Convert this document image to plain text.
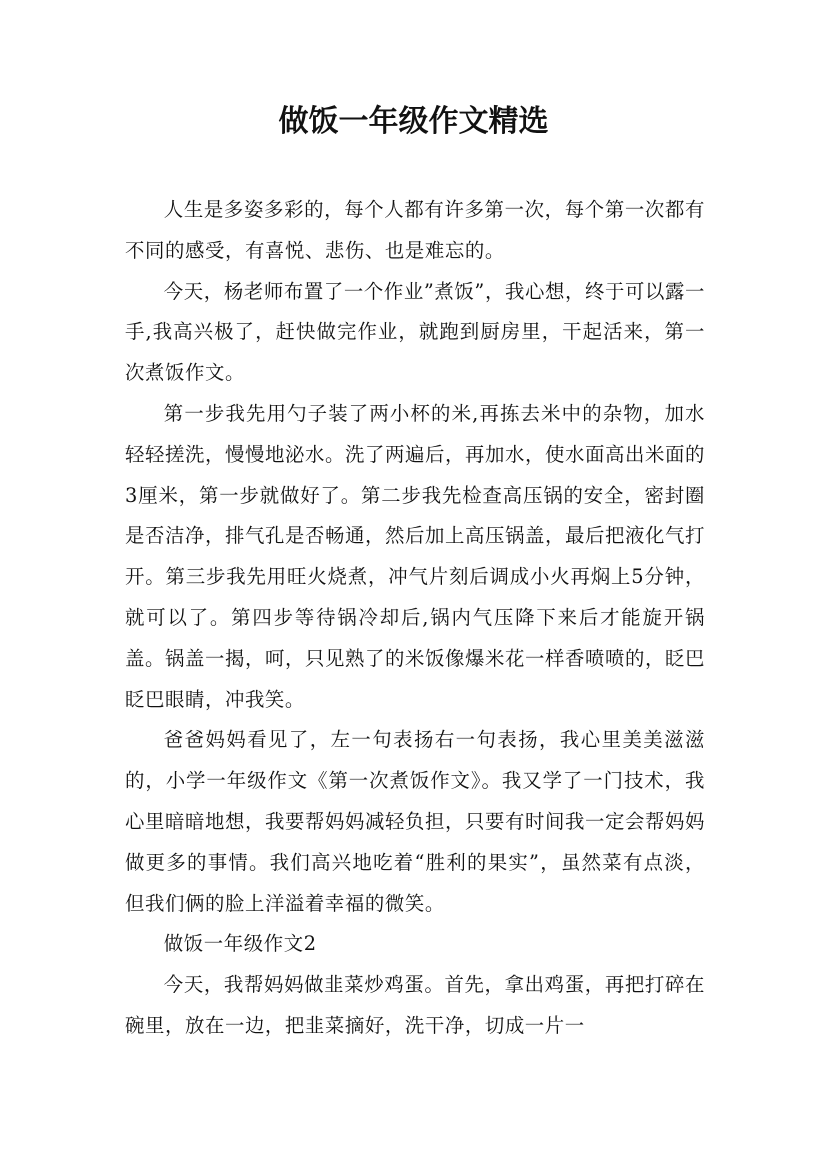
做饭一年级作文精选

人生是多姿多彩的，每个人都有许多第一次，每个第一次都有不同的感受，有喜悦、悲伤、也是难忘的。

今天，杨老师布置了一个作业”煮饭”，我心想，终于可以露一手,我高兴极了，赶快做完作业，就跑到厨房里，干起活来，第一次煮饭作文。

第一步我先用勺子装了两小杯的米,再拣去米中的杂物，加水轻轻搓洗，慢慢地泌水。洗了两遍后，再加水，使水面高出米面的3厘米，第一步就做好了。第二步我先检查高压锅的安全，密封圈是否洁净，排气孔是否畅通，然后加上高压锅盖，最后把液化气打开。第三步我先用旺火烧煮，冲气片刻后调成小火再焖上5分钟，就可以了。第四步等待锅冷却后,锅内气压降下来后才能旋开锅盖。锅盖一揭，呵，只见熟了的米饭像爆米花一样香喷喷的，眨巴眨巴眼睛，冲我笑。

爸爸妈妈看见了，左一句表扬右一句表扬，我心里美美滋滋的，小学一年级作文《第一次煮饭作文》。我又学了一门技术，我心里暗暗地想，我要帮妈妈减轻负担，只要有时间我一定会帮妈妈做更多的事情。我们高兴地吃着“胜利的果实”，虽然菜有点淡，但我们俩的脸上洋溢着幸福的微笑。

做饭一年级作文2

今天，我帮妈妈做韭菜炒鸡蛋。首先，拿出鸡蛋，再把打碎在碗里，放在一边，把韭菜摘好，洗干净，切成一片一
